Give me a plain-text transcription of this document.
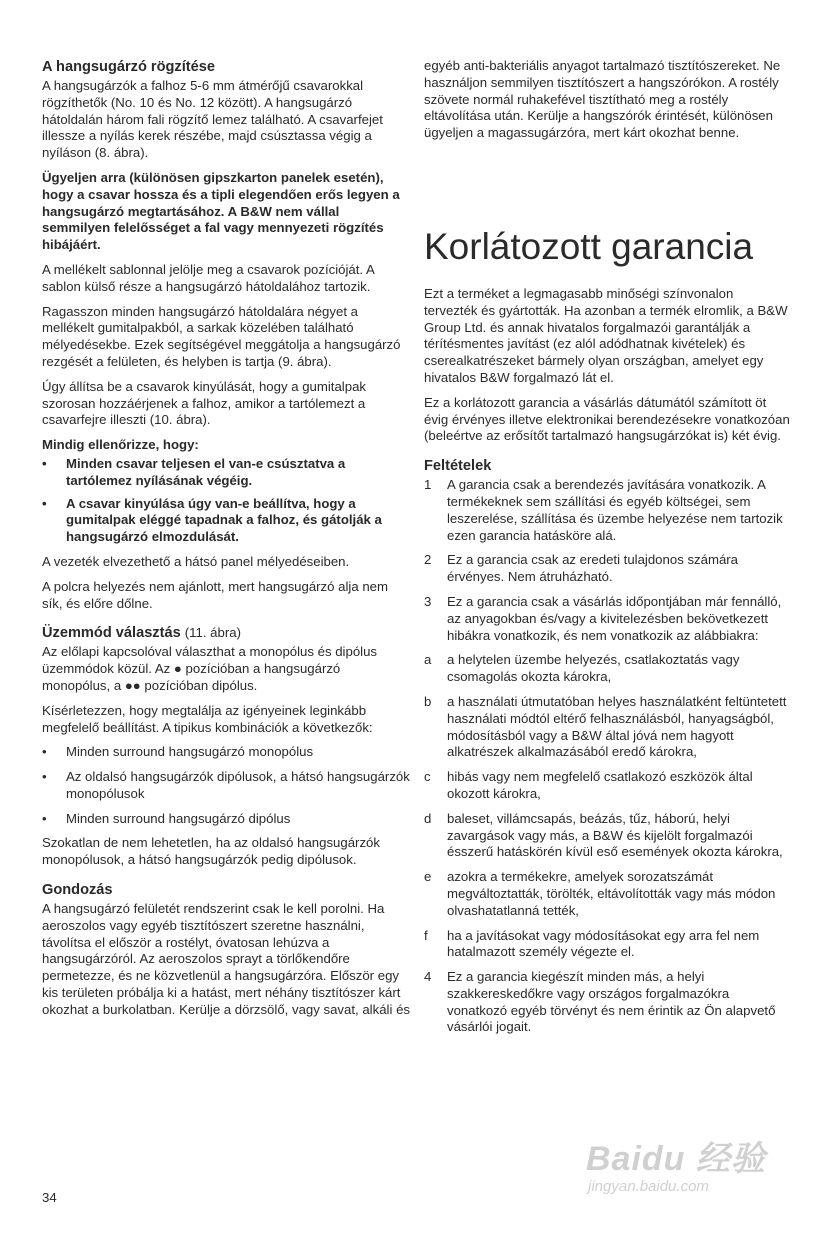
A hangsugárzó rögzítése

A hangsugárzók a falhoz 5-6 mm átmérőjű csavarokkal rögzíthetők (No. 10 és No. 12 között). A hangsugárzó hátoldalán három fali rögzítő lemez található. A csavarfejet illessze a nyílás kerek részébe, majd csúsztassa végig a nyíláson (8. ábra).

Ügyeljen arra (különösen gipszkarton panelek esetén), hogy a csavar hossza és a tipli elegendően erős legyen a hangsugárzó megtartásához. A B&W nem vállal semmilyen felelősséget a fal vagy mennyezeti rögzítés hibájáért.

A mellékelt sablonnal jelölje meg a csavarok pozícióját. A sablon külső része a hangsugárzó hátoldalához tartozik.

Ragasszon minden hangsugárzó hátoldalára négyet a mellékelt gumitalpakból, a sarkak közelében található mélyedésekbe. Ezek segítségével meggátolja a hangsugárzó rezgését a felületen, és helyben is tartja (9. ábra).

Úgy állítsa be a csavarok kinyúlását, hogy a gumitalpak szorosan hozzáérjenek a falhoz, amikor a tartólemezt a csavarfejre illeszti (10. ábra).

Mindig ellenőrizze, hogy:

• Minden csavar teljesen el van-e csúsztatva a tartólemez nyílásának végéig.
• A csavar kinyúlása úgy van-e beállítva, hogy a gumitalpak eléggé tapadnak a falhoz, és gátolják a hangsugárzó elmozdulását.

A vezeték elvezethető a hátsó panel mélyedéseiben.

A polcra helyezés nem ajánlott, mert hangsugárzó alja nem sík, és előre dőlne.

Üzemmód választás (11. ábra)

Az előlapi kapcsolóval választhat a monopólus és dipólus üzemmódok közül. Az ● pozícióban a hangsugárzó monopólus, a ●● pozícióban dipólus.

Kísérletezzen, hogy megtalálja az igényeinek leginkább megfelelő beállítást. A tipikus kombinációk a következők:

• Minden surround hangsugárzó monopólus
• Az oldalsó hangsugárzók dipólusok, a hátsó hangsugárzók monopólusok
• Minden surround hangsugárzó dipólus

Szokatlan de nem lehetetlen, ha az oldalsó hangsugárzók monopólusok, a hátsó hangsugárzók pedig dipólusok.

Gondozás

A hangsugárzó felületét rendszerint csak le kell porolni. Ha aeroszolos vagy egyéb tisztítószert szeretne használni, távolítsa el először a rostélyt, óvatosan lehúzva a hangsugárzóról. Az aeroszolos sprayt a törlőkendőre permetezze, és ne közvetlenül a hangsugárzóra. Először egy kis területen próbálja ki a hatást, mert néhány tisztítószer kárt okozhat a burkolatban. Kerülje a dörzsölő, vagy savat, alkáli és

egyéb anti-bakteriális anyagot tartalmazó tisztítószereket. Ne használjon semmilyen tisztítószert a hangszórókon. A rostély szövete normál ruhakefével tisztítható meg a rostély eltávolítása után. Kerülje a hangszórók érintését, különösen ügyeljen a magassugárzóra, mert kárt okozhat benne.

Korlátozott garancia

Ezt a terméket a legmagasabb minőségi színvonalon tervezték és gyártották. Ha azonban a termék elromlik, a B&W Group Ltd. és annak hivatalos forgalmazói garantálják a térítésmentes javítást (ez alól adódhatnak kivételek) és cserealkatrészeket bármely olyan országban, amelyet egy hivatalos B&W forgalmazó lát el.

Ez a korlátozott garancia a vásárlás dátumától számított öt évig érvényes illetve elektronikai berendezésekre vonatkozóan (beleértve az erősítőt tartalmazó hangsugárzókat is) két évig.

Feltételek
1 A garancia csak a berendezés javítására vonatkozik. A termékeknek sem szállítási és egyéb költségei, sem leszerelése, szállítása és üzembe helyezése nem tartozik ezen garancia hatásköre alá.
2 Ez a garancia csak az eredeti tulajdonos számára érvényes. Nem átruházható.
3 Ez a garancia csak a vásárlás időpontjában már fennálló, az anyagokban és/vagy a kivitelezésben bekövetkezett hibákra vonatkozik, és nem vonatkozik az alábbiakra:
a a helytelen üzembe helyezés, csatlakoztatás vagy csomagolás okozta károkra,
b a használati útmutatóban helyes használatként feltüntetett használati módtól eltérő felhasználásból, hanyagságból, módosításból vagy a B&W által jóvá nem hagyott alkatrészek alkalmazásából eredő károkra,
c hibás vagy nem megfelelő csatlakozó eszközök által okozott károkra,
d baleset, villámcsapás, beázás, tűz, háború, helyi zavargások vagy más, a B&W és kijelölt forgalmazói ésszerű hatáskörén kívül eső események okozta károkra,
e azokra a termékekre, amelyek sorozatszámát megváltoztatták, törölték, eltávolították vagy más módon olvashatatlanná tették,
f ha a javításokat vagy módosításokat egy arra fel nem hatalmazott személy végezte el.
4 Ez a garancia kiegészít minden más, a helyi szakkereskedőkre vagy országos forgalmazókra vonatkozó egyéb törvényt és nem érintik az Ön alapvető vásárlói jogait.
34
Baidu 经验
jingyan.baidu.com
